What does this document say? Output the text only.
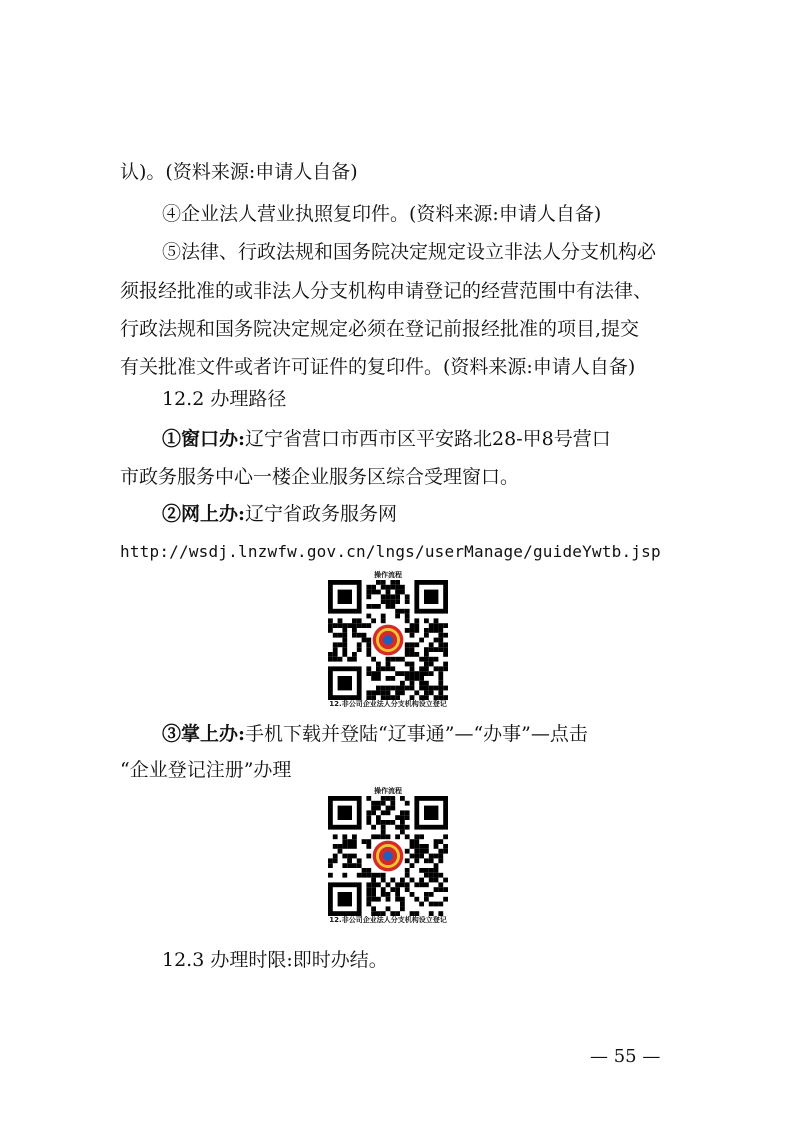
认)。(资料来源:申请人自备)
④企业法人营业执照复印件。(资料来源:申请人自备)
⑤法律、行政法规和国务院决定规定设立非法人分支机构必
须报经批准的或非法人分支机构申请登记的经营范围中有法律、
行政法规和国务院决定规定必须在登记前报经批准的项目,提交
有关批准文件或者许可证件的复印件。(资料来源:申请人自备)
12.2 办理路径
①窗口办:辽宁省营口市西市区平安路北28-甲8号营口
市政务服务中心一楼企业服务区综合受理窗口。
②网上办:辽宁省政务服务网
http://wsdj.lnzwfw.gov.cn/lngs/userManage/guideYwtb.jsp
操作流程
12.非公司企业法人分支机构设立登记
③掌上办:手机下载并登陆“辽事通”—“办事”—点击
“企业登记注册”办理
操作流程
12.非公司企业法人分支机构设立登记
12.3 办理时限:即时办结。
— 55 —
